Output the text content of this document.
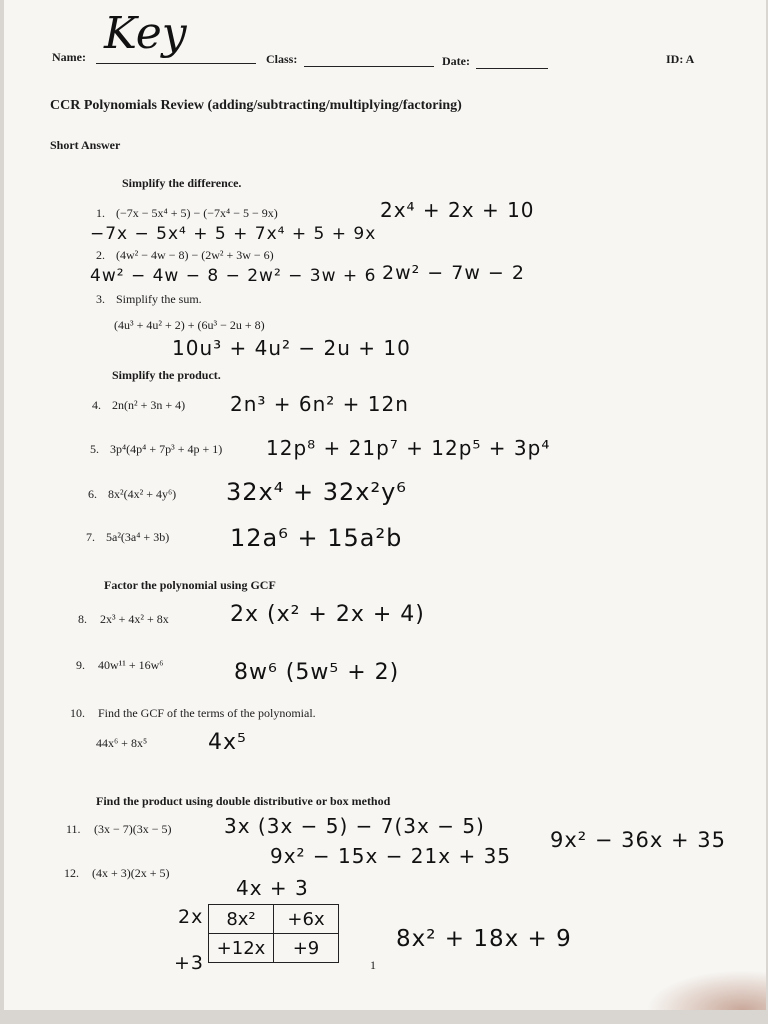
Name: Key	Class:	Date:	ID: A
CCR Polynomials Review (adding/subtracting/multiplying/factoring)
Short Answer
Simplify the difference.
1. (−7x − 5x⁴ + 5) − (−7x⁴ − 5 − 9x)	2x⁴ + 2x + 10
−7x − 5x⁴ + 5 + 7x⁴ + 5 + 9x
2. (4w² − 4w − 8) − (2w² + 3w − 6)
4w² − 4w − 8 − 2w² − 3w + 6 2w² − 7w − 2
3. Simplify the sum.
(4u³ + 4u² + 2) + (6u³ − 2u + 8)
10u³ + 4u² − 2u + 10
Simplify the product.
4. 2n(n² + 3n + 4) 2n³ + 6n² + 12n
5. 3p⁴(4p⁴ + 7p³ + 4p + 1) 12p⁸ + 21p⁷ + 12p⁵ + 3p⁴
6. 8x²(4x² + 4y⁶) 32x⁴ + 32x²y⁶
7. 5a²(3a⁴ + 3b)	12a⁶ + 15a²b
Factor the polynomial using GCF
8. 2x³ + 4x² + 8x	2x (x² + 2x + 4)
9. 40w¹¹ + 16w⁶	8w⁶ (5w⁵ + 2)
10. Find the GCF of the terms of the polynomial.
44x⁶ + 8x⁵	4x⁵
Find the product using double distributive or box method
11. (3x − 7)(3x − 5)	3x (3x − 5) − 7(3x − 5)
9x² − 15x − 21x + 35
9x² − 36x + 35
12. (4x + 3)(2x + 5)
4x + 3
2x
+3
8x²	+6x
+12x	+9	8x² + 18x + 9
1
